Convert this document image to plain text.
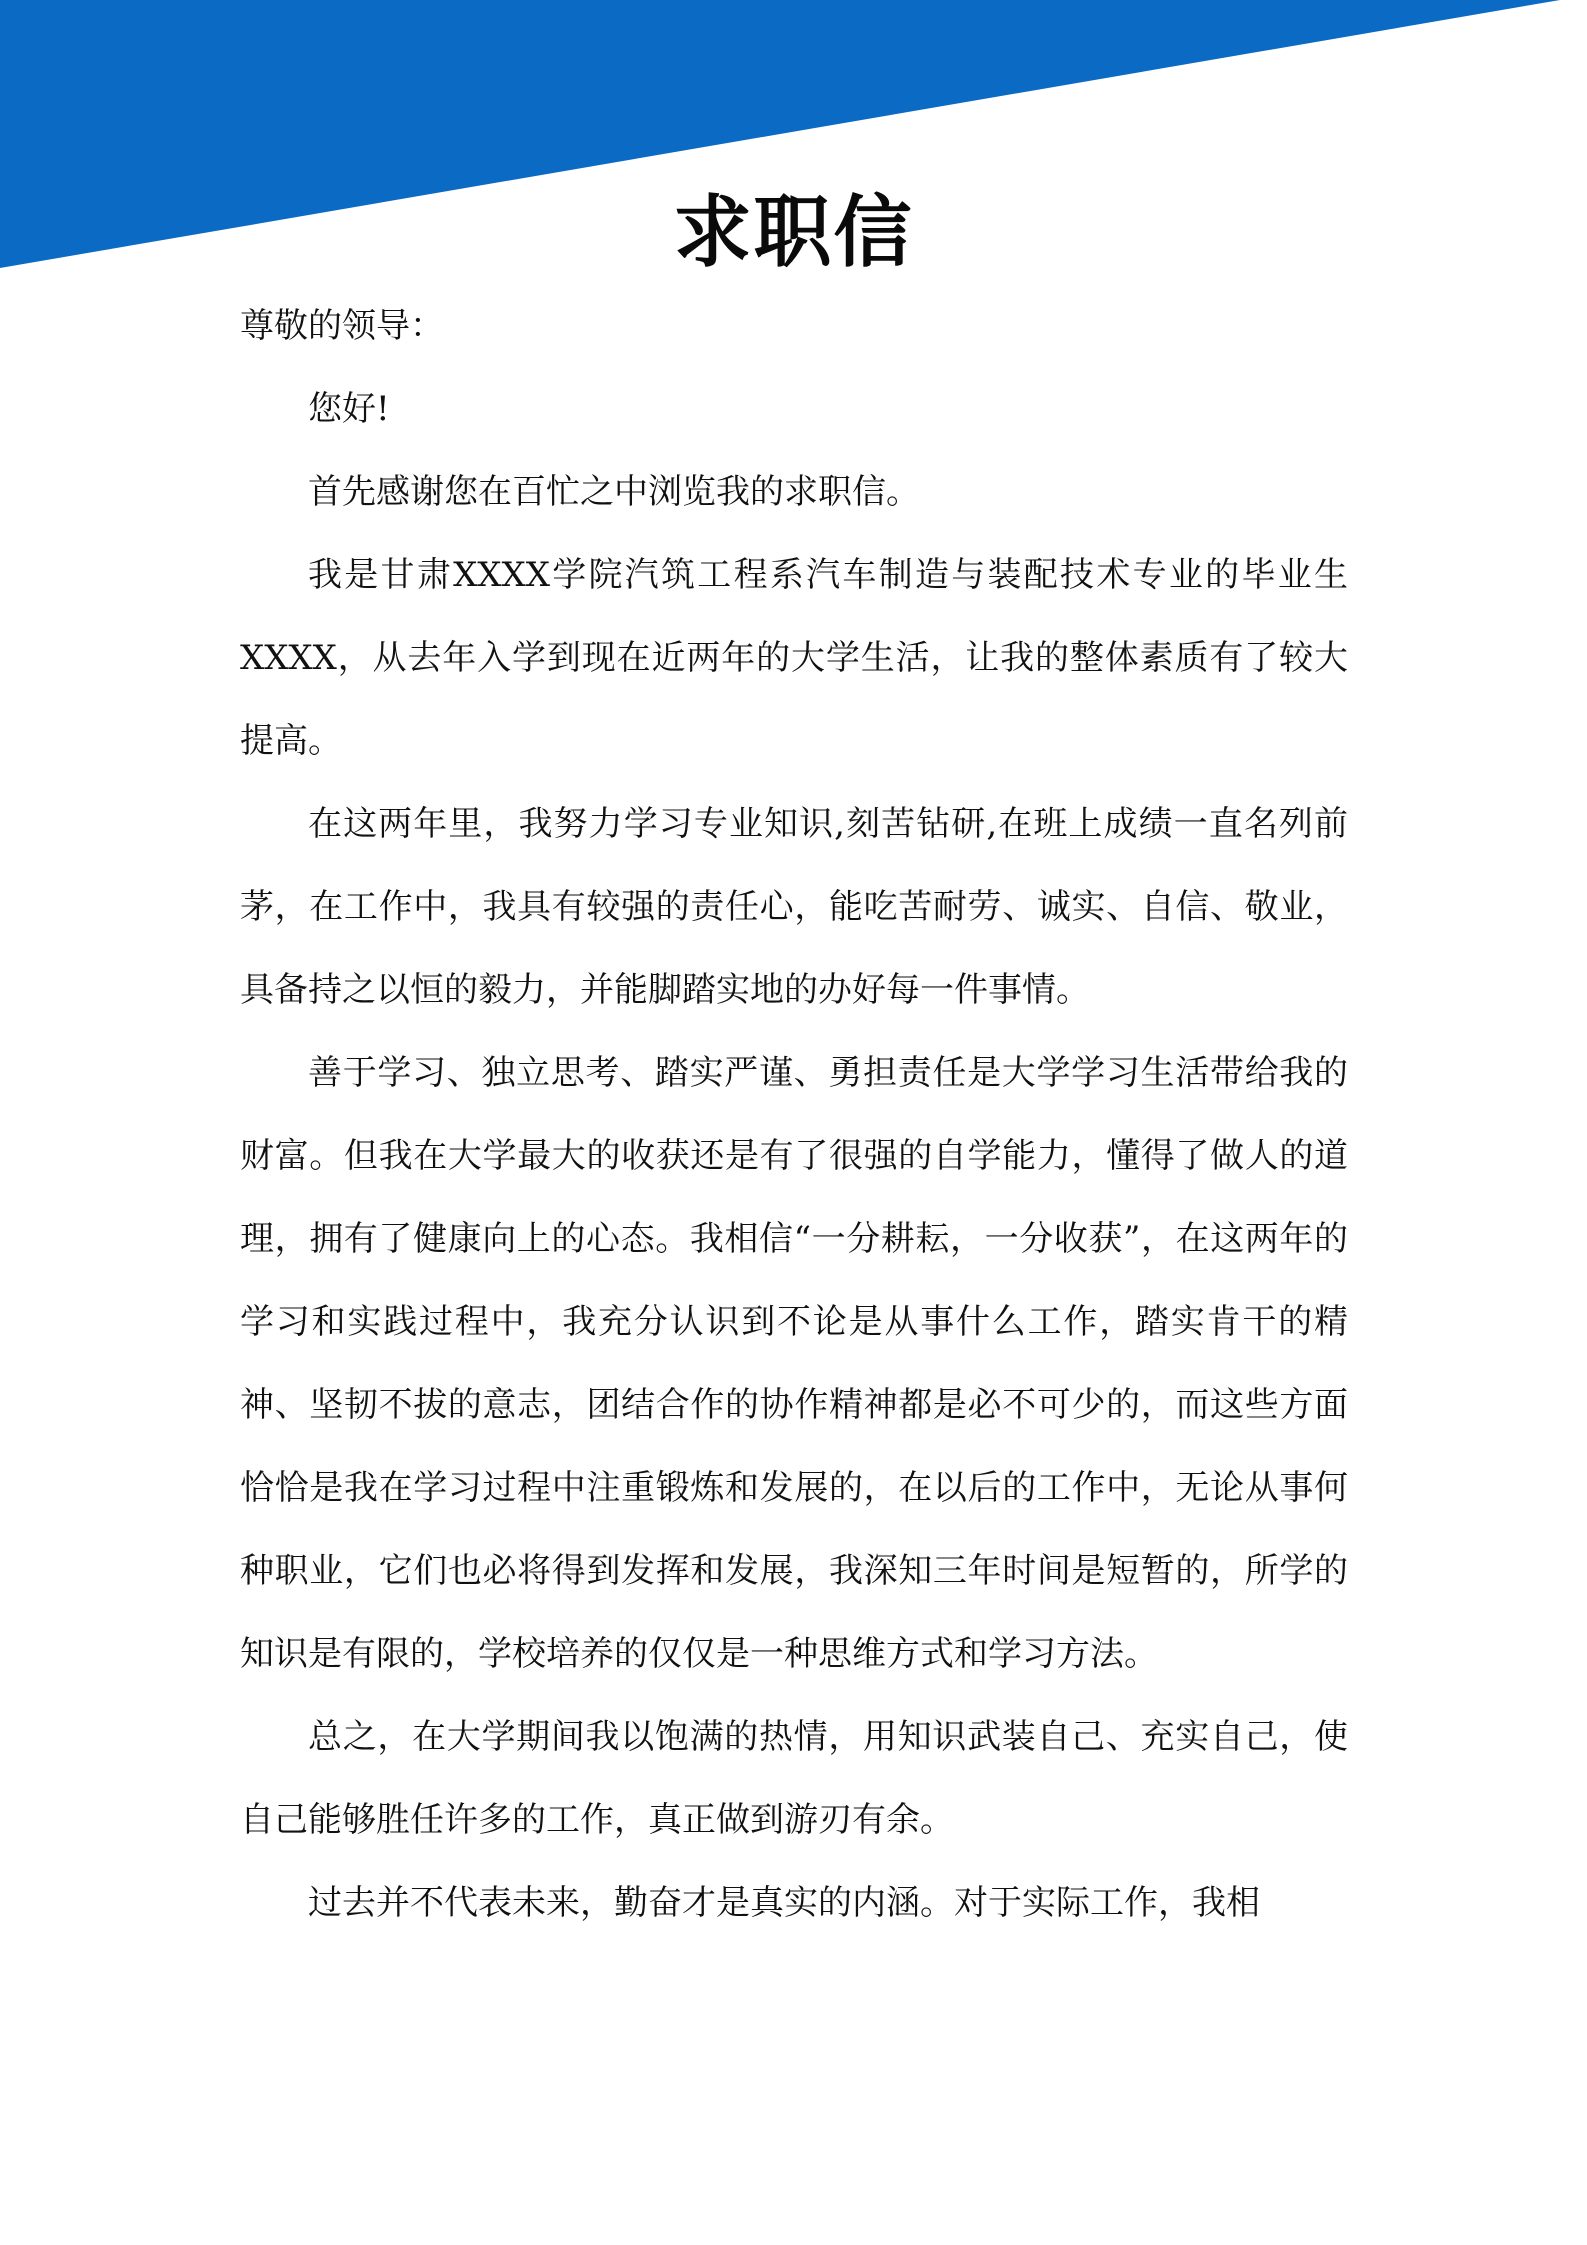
求职信

尊敬的领导：

您好!

首先感谢您在百忙之中浏览我的求职信。

我是甘肃XXXX学院汽筑工程系汽车制造与装配技术专业的毕业生XXXX，从去年入学到现在近两年的大学生活，让我的整体素质有了较大提高。

在这两年里，我努力学习专业知识,刻苦钻研,在班上成绩一直名列前茅，在工作中，我具有较强的责任心，能吃苦耐劳、诚实、自信、敬业，具备持之以恒的毅力，并能脚踏实地的办好每一件事情。

善于学习、独立思考、踏实严谨、勇担责任是大学学习生活带给我的财富。但我在大学最大的收获还是有了很强的自学能力，懂得了做人的道理，拥有了健康向上的心态。我相信“一分耕耘，一分收获”，在这两年的学习和实践过程中，我充分认识到不论是从事什么工作，踏实肯干的精神、坚韧不拔的意志，团结合作的协作精神都是必不可少的，而这些方面恰恰是我在学习过程中注重锻炼和发展的，在以后的工作中，无论从事何种职业，它们也必将得到发挥和发展，我深知三年时间是短暂的，所学的知识是有限的，学校培养的仅仅是一种思维方式和学习方法。

总之，在大学期间我以饱满的热情，用知识武装自己、充实自己，使自己能够胜任许多的工作，真正做到游刃有余。

过去并不代表未来，勤奋才是真实的内涵。对于实际工作，我相
